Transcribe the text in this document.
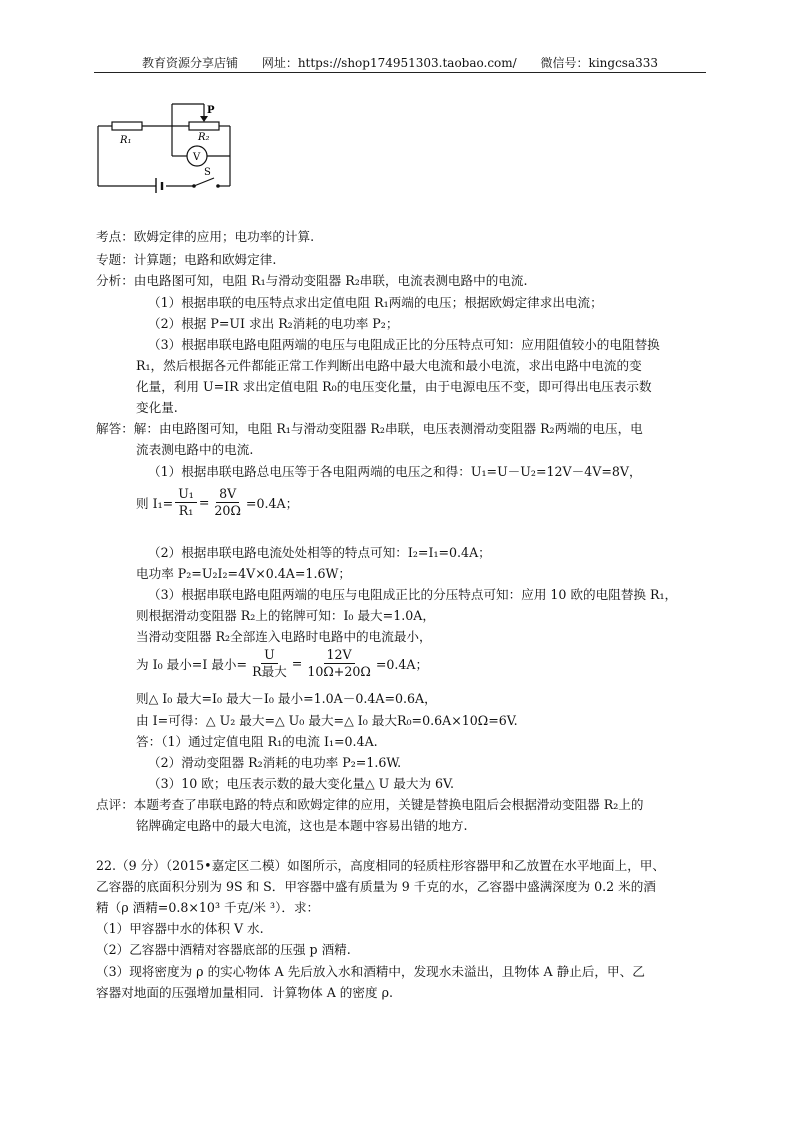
教育资源分享店铺 网址：https://shop174951303.taobao.com/ 微信号：kingcsa333
R₁	R₂
P
V
S
考点：欧姆定律的应用；电功率的计算.
专题：计算题；电路和欧姆定律.
分析：由电路图可知，电阻 R₁与滑动变阻器 R₂串联，电流表测电路中的电流.
（1）根据串联的电压特点求出定值电阻 R₁两端的电压；根据欧姆定律求出电流；
（2）根据 P=UI 求出 R₂消耗的电功率 P₂；
（3）根据串联电路电阻两端的电压与电阻成正比的分压特点可知：应用阻值较小的电阻替换
R₁，然后根据各元件都能正常工作判断出电路中最大电流和最小电流，求出电路中电流的变
化量，利用 U=IR 求出定值电阻 R₀的电压变化量，由于电源电压不变，即可得出电压表示数
变化量.
解答：解：由电路图可知，电阻 R₁与滑动变阻器 R₂串联，电压表测滑动变阻器 R₂两端的电压，电
流表测电路中的电流.
（1）根据串联电路总电压等于各电阻两端的电压之和得：U₁=U－U₂=12V－4V=8V，
则 $I_1= \frac{\text{U₁}}{\text{R₁}} = \frac{8V}{20\Omega} =0.4A$；
（2）根据串联电路电流处处相等的特点可知：I₂=I₁=0.4A；
电功率 P₂=U₂I₂=4V×0.4A=1.6W；
（3）根据串联电路电阻两端的电压与电阻成正比的分压特点可知：应用 10 欧的电阻替换 R₁，
则根据滑动变阻器 R₂上的铭牌可知：I₀ 最大=1.0A，
当滑动变阻器 R₂全部连入电路时电路中的电流最小，
为 I₀ 最小=I 最小= $\frac{U}{\text{R最大}} = \frac{12V}{10\Omega+20\Omega} =0.4A$；
则△ I₀ 最大=I₀ 最大－I₀ 最小=1.0A－0.4A=0.6A，
由 I=可得：△ U₂ 最大=△ U₀ 最大=△ I₀ 最大R₀=0.6A×10Ω=6V.
答：（1）通过定值电阻 R₁的电流 I₁=0.4A.
（2）滑动变阻器 R₂消耗的电功率 P₂=1.6W.
（3）10 欧；电压表示数的最大变化量△ U 最大为 6V.
点评：本题考查了串联电路的特点和欧姆定律的应用，关键是替换电阻后会根据滑动变阻器 R₂上的
铭牌确定电路中的最大电流，这也是本题中容易出错的地方.
22.（9 分）（2015•嘉定区二模）如图所示，高度相同的轻质柱形容器甲和乙放置在水平地面上，甲、
乙容器的底面积分别为 9S 和 S．甲容器中盛有质量为 9 千克的水，乙容器中盛满深度为 0.2 米的酒
精（ρ 酒精=0.8×10³ 千克/米 ³）．求：
（1）甲容器中水的体积 V 水.
（2）乙容器中酒精对容器底部的压强 p 酒精.
（3）现将密度为 ρ 的实心物体 A 先后放入水和酒精中，发现水未溢出，且物体 A 静止后，甲、乙
容器对地面的压强增加量相同．计算物体 A 的密度 ρ.
